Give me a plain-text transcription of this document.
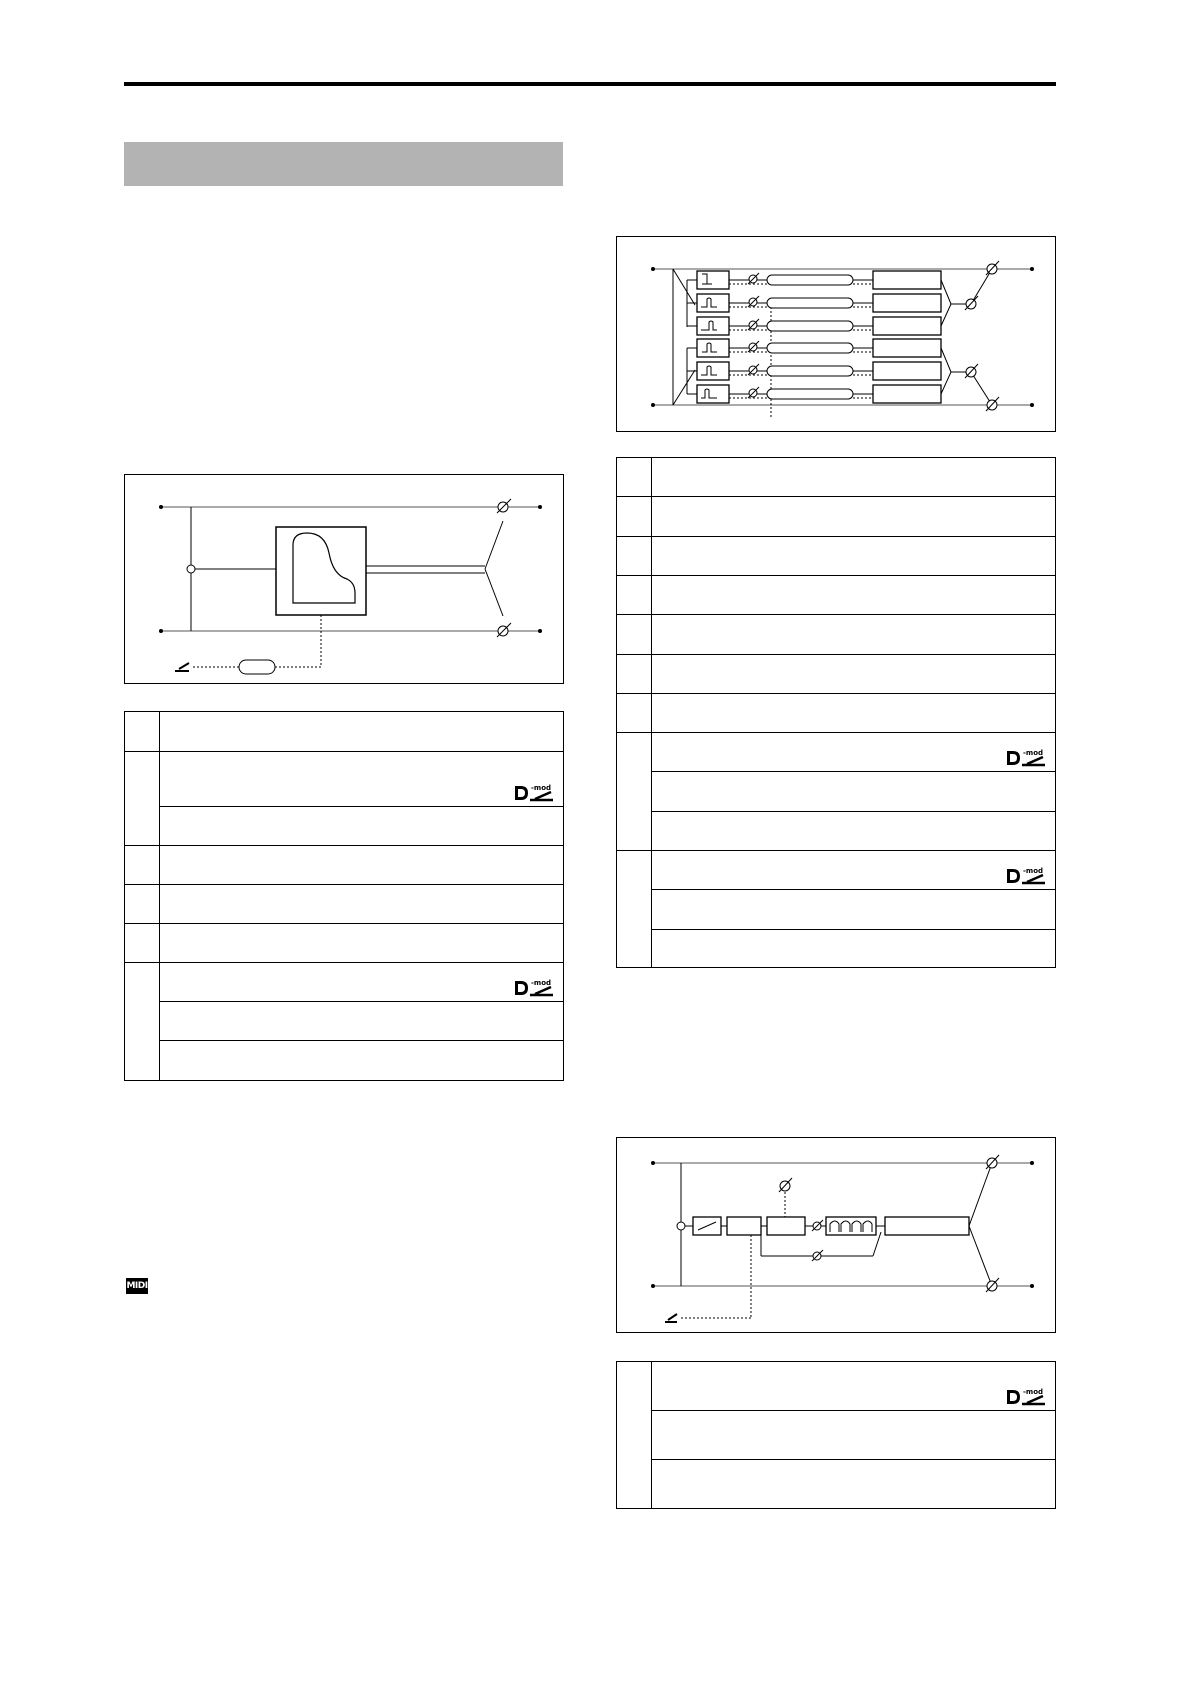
-mod
-mod
MIDI
-mod
-mod
-mod
